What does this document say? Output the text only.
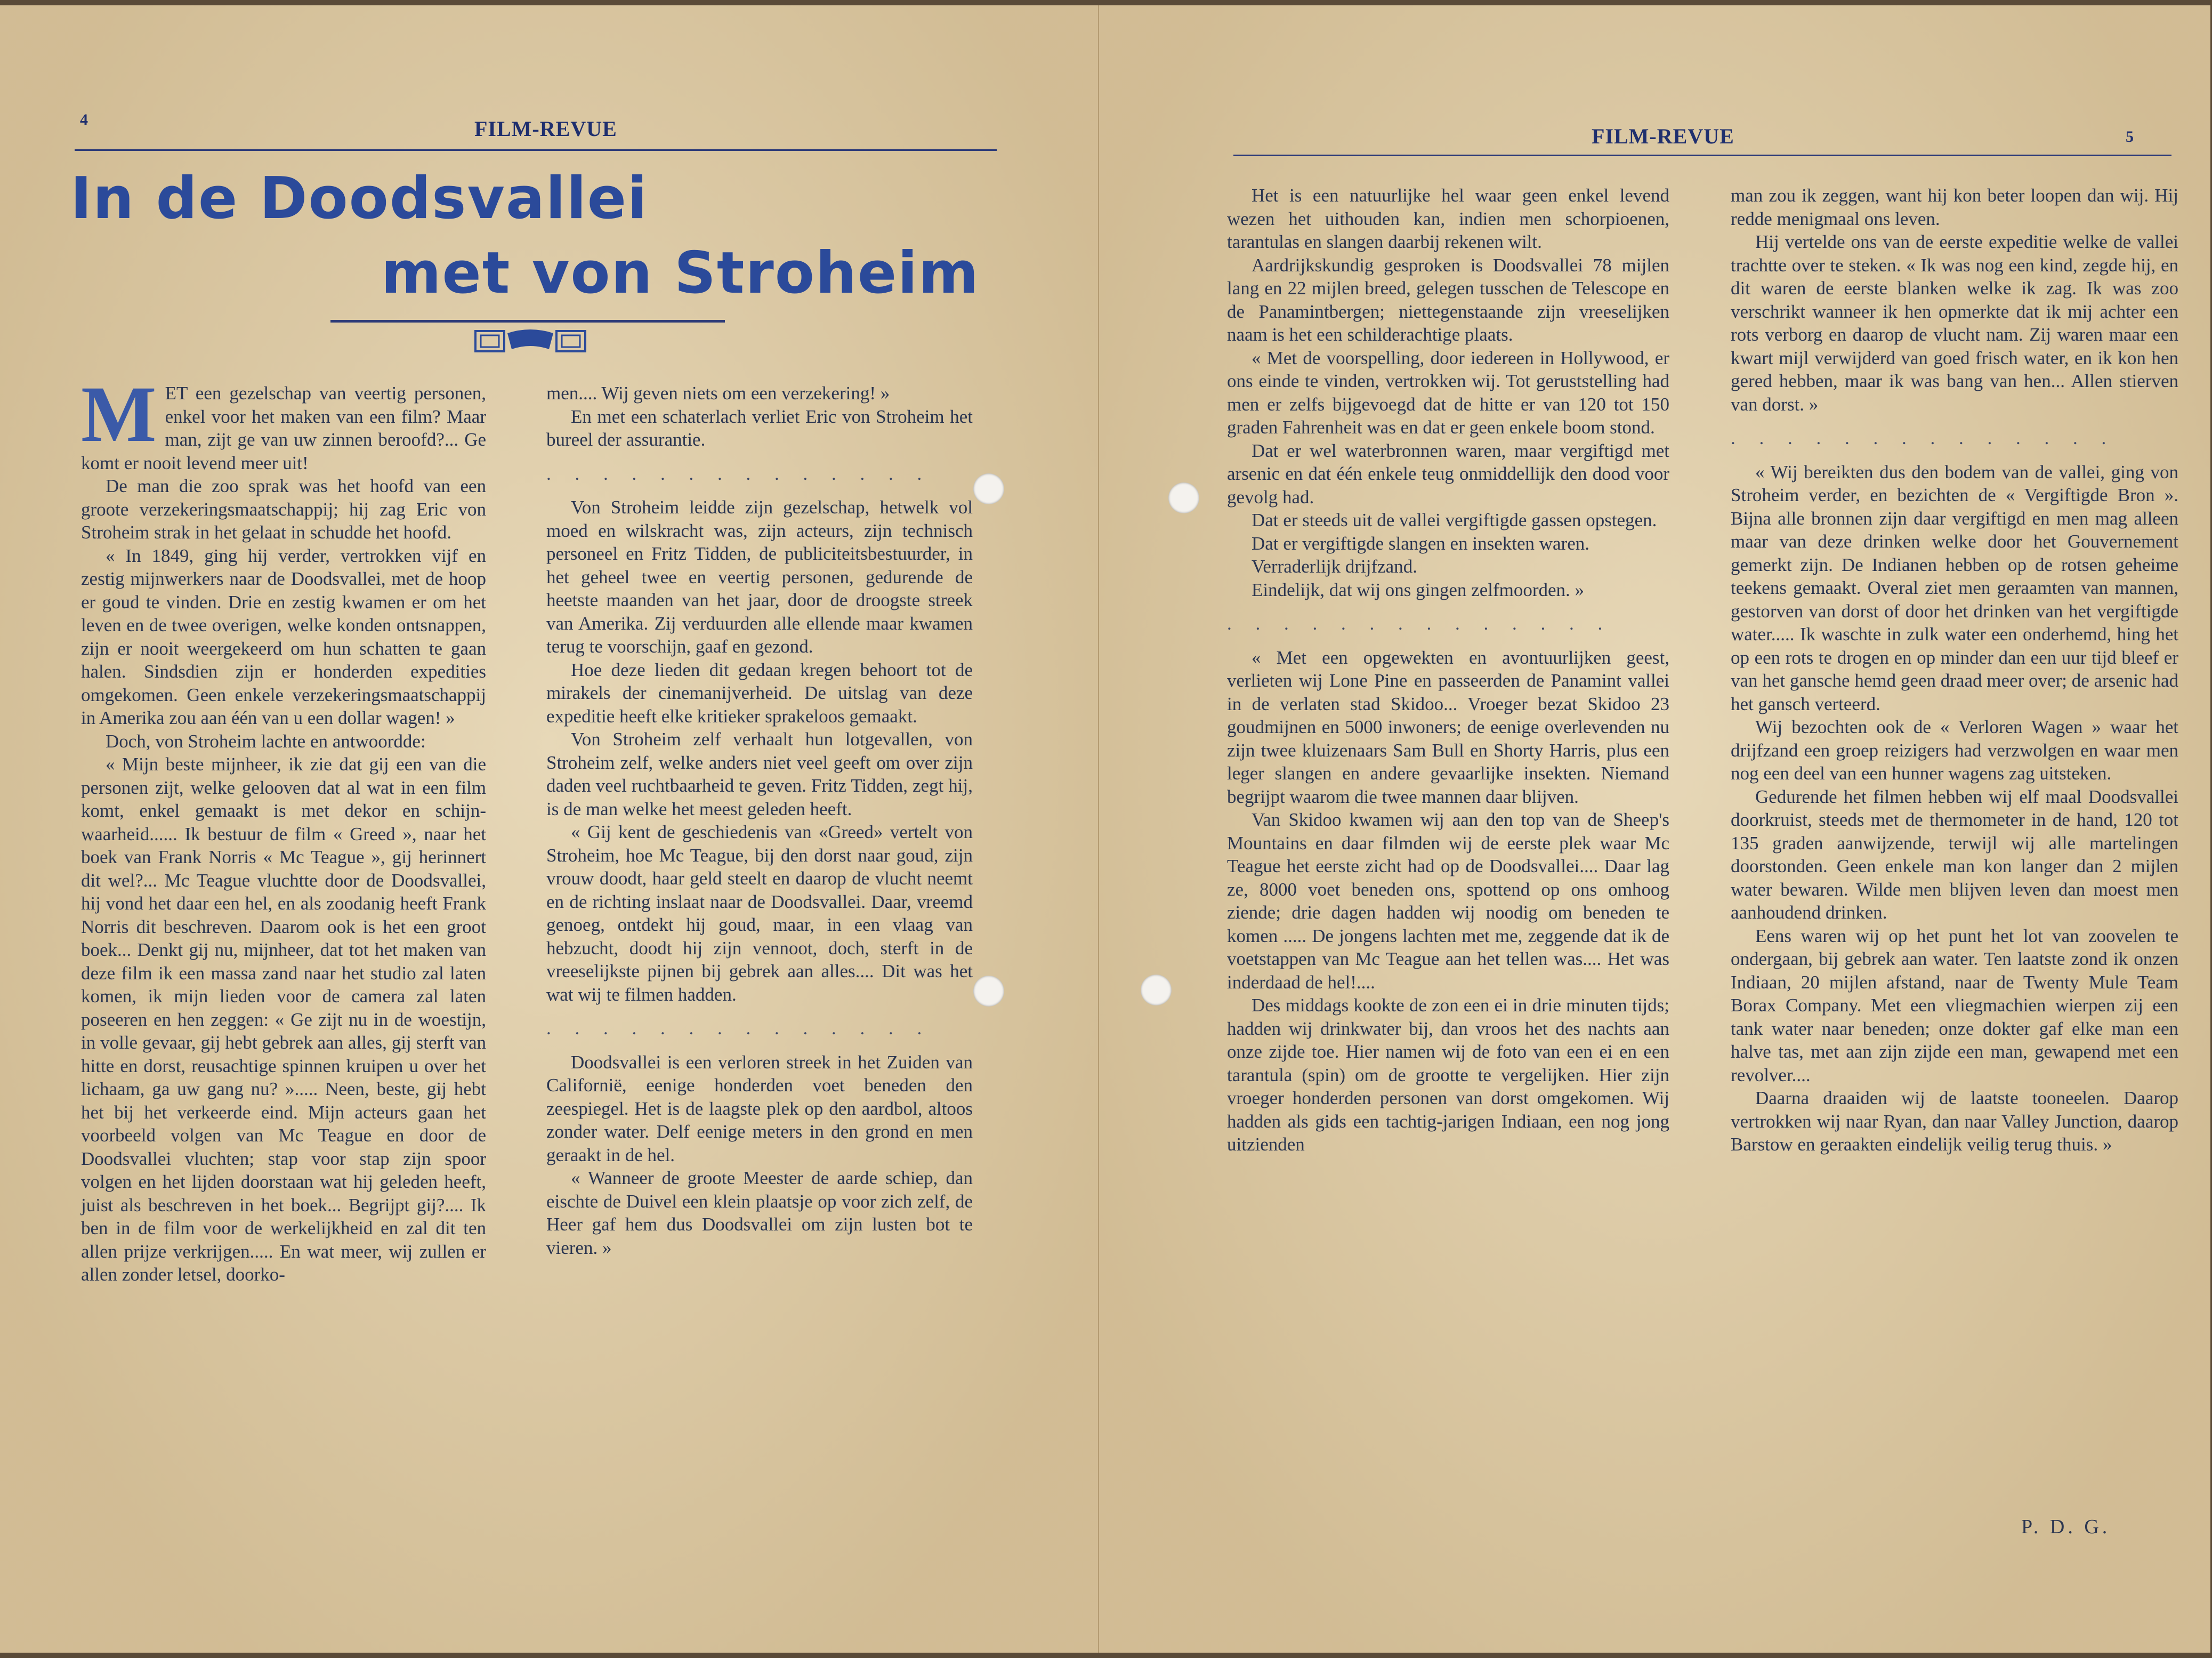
4	FILM-REVUE
In de Doodsvallei
met von Stroheim

MET een gezelschap van veertig personen, enkel voor het maken van een film? Maar man, zijt ge van uw zinnen beroofd?... Ge komt er nooit levend meer uit!

De man die zoo sprak was het hoofd van een groote verzekeringsmaatschappij; hij zag Eric von Stroheim strak in het gelaat in schudde het hoofd.

« In 1849, ging hij verder, vertrokken vijf en zestig mijnwerkers naar de Doodsvallei, met de hoop er goud te vinden. Drie en zestig kwamen er om het leven en de twee overigen, welke konden ontsnappen, zijn er nooit weergekeerd om hun schatten te gaan halen. Sindsdien zijn er honderden expedities omgekomen. Geen enkele verzekeringsmaatschappij in Amerika zou aan één van u een dollar wagen! »

Doch, von Stroheim lachte en antwoordde:

« Mijn beste mijnheer, ik zie dat gij een van die personen zijt, welke gelooven dat al wat in een film komt, enkel gemaakt is met dekor en schijn-waarheid...... Ik bestuur de film « Greed », naar het boek van Frank Norris « Mc Teague », gij herinnert dit wel?... Mc Teague vluchtte door de Doodsvallei, hij vond het daar een hel, en als zoodanig heeft Frank Norris dit beschreven. Daarom ook is het een groot boek... Denkt gij nu, mijnheer, dat tot het maken van deze film ik een massa zand naar het studio zal laten komen, ik mijn lieden voor de camera zal laten poseeren en hen zeggen: « Ge zijt nu in de woestijn, in volle gevaar, gij hebt gebrek aan alles, gij sterft van hitte en dorst, reusachtige spinnen kruipen u over het lichaam, ga uw gang nu? »..... Neen, beste, gij hebt het bij het verkeerde eind. Mijn acteurs gaan het voorbeeld volgen van Mc Teague en door de Doodsvallei vluchten; stap voor stap zijn spoor volgen en het lijden doorstaan wat hij geleden heeft, juist als beschreven in het boek... Begrijpt gij?.... Ik ben in de film voor de werkelijkheid en zal dit ten allen prijze verkrijgen..... En wat meer, wij zullen er allen zonder letsel, doorko-

men.... Wij geven niets om een verzekering! »

En met een schaterlach verliet Eric von Stroheim het bureel der assurantie.

. . . . . . . . . . . . . .

Von Stroheim leidde zijn gezelschap, hetwelk vol moed en wilskracht was, zijn acteurs, zijn technisch personeel en Fritz Tidden, de publiciteitsbestuurder, in het geheel twee en veertig personen, gedurende de heetste maanden van het jaar, door de droogste streek van Amerika. Zij verduurden alle ellende maar kwamen terug te voorschijn, gaaf en gezond.

Hoe deze lieden dit gedaan kregen behoort tot de mirakels der cinemanijverheid. De uitslag van deze expeditie heeft elke kritieker sprakeloos gemaakt.

Von Stroheim zelf verhaalt hun lotgevallen, von Stroheim zelf, welke anders niet veel geeft om over zijn daden veel ruchtbaarheid te geven. Fritz Tidden, zegt hij, is de man welke het meest geleden heeft.

« Gij kent de geschiedenis van «Greed» vertelt von Stroheim, hoe Mc Teague, bij den dorst naar goud, zijn vrouw doodt, haar geld steelt en daarop de vlucht neemt en de richting inslaat naar de Doodsvallei. Daar, vreemd genoeg, ontdekt hij goud, maar, in een vlaag van hebzucht, doodt hij zijn vennoot, doch, sterft in de vreeselijkste pijnen bij gebrek aan alles.... Dit was het wat wij te filmen hadden.

. . . . . . . . . . . . . .

Doodsvallei is een verloren streek in het Zuiden van Californië, eenige honderden voet beneden den zeespiegel. Het is de laagste plek op den aardbol, altoos zonder water. Delf eenige meters in den grond en men geraakt in de hel.

« Wanneer de groote Meester de aarde schiep, dan eischte de Duivel een klein plaatsje op voor zich zelf, de Heer gaf hem dus Doodsvallei om zijn lusten bot te vieren. »

FILM-REVUE	5

Het is een natuurlijke hel waar geen enkel levend wezen het uithouden kan, indien men schorpioenen, tarantulas en slangen daarbij rekenen wilt.

Aardrijkskundig gesproken is Doodsvallei 78 mijlen lang en 22 mijlen breed, gelegen tusschen de Telescope en de Panamintbergen; niettegenstaande zijn vreeselijken naam is het een schilderachtige plaats.

« Met de voorspelling, door iedereen in Hollywood, er ons einde te vinden, vertrokken wij. Tot geruststelling had men er zelfs bijgevoegd dat de hitte er van 120 tot 150 graden Fahrenheit was en dat er geen enkele boom stond.

Dat er wel waterbronnen waren, maar vergiftigd met arsenic en dat één enkele teug onmiddellijk den dood voor gevolg had.

Dat er steeds uit de vallei vergiftigde gassen opstegen.

Dat er vergiftigde slangen en insekten waren.

Verraderlijk drijfzand.

Eindelijk, dat wij ons gingen zelfmoorden. »

. . . . . . . . . . . . . .

« Met een opgewekten en avontuurlijken geest, verlieten wij Lone Pine en passeerden de Panamint vallei in de verlaten stad Skidoo... Vroeger bezat Skidoo 23 goudmijnen en 5000 inwoners; de eenige overlevenden nu zijn twee kluizenaars Sam Bull en Shorty Harris, plus een leger slangen en andere gevaarlijke insekten. Niemand begrijpt waarom die twee mannen daar blijven.

Van Skidoo kwamen wij aan den top van de Sheep's Mountains en daar filmden wij de eerste plek waar Mc Teague het eerste zicht had op de Doodsvallei.... Daar lag ze, 8000 voet beneden ons, spottend op ons omhoog ziende; drie dagen hadden wij noodig om beneden te komen ..... De jongens lachten met me, zeggende dat ik de voetstappen van Mc Teague aan het tellen was.... Het was inderdaad de hel!....

Des middags kookte de zon een ei in drie minuten tijds; hadden wij drinkwater bij, dan vroos het des nachts aan onze zijde toe. Hier namen wij de foto van een ei en een tarantula (spin) om de grootte te vergelijken. Hier zijn vroeger honderden personen van dorst omgekomen. Wij hadden als gids een tachtig-jarigen Indiaan, een nog jong uitzienden

man zou ik zeggen, want hij kon beter loopen dan wij. Hij redde menigmaal ons leven.

Hij vertelde ons van de eerste expeditie welke de vallei trachtte over te steken. « Ik was nog een kind, zegde hij, en dit waren de eerste blanken welke ik zag. Ik was zoo verschrikt wanneer ik hen opmerkte dat ik mij achter een rots verborg en daarop de vlucht nam. Zij waren maar een kwart mijl verwijderd van goed frisch water, en ik kon hen gered hebben, maar ik was bang van hen... Allen stierven van dorst. »

. . . . . . . . . . . . . .

« Wij bereikten dus den bodem van de vallei, ging von Stroheim verder, en bezichten de « Vergiftigde Bron ». Bijna alle bronnen zijn daar vergiftigd en men mag alleen maar van deze drinken welke door het Gouvernement gemerkt zijn. De Indianen hebben op de rotsen geheime teekens gemaakt. Overal ziet men geraamten van mannen, gestorven van dorst of door het drinken van het vergiftigde water..... Ik waschte in zulk water een onderhemd, hing het op een rots te drogen en op minder dan een uur tijd bleef er van het gansche hemd geen draad meer over; de arsenic had het gansch verteerd.

Wij bezochten ook de « Verloren Wagen » waar het drijfzand een groep reizigers had verzwolgen en waar men nog een deel van een hunner wagens zag uitsteken.

Gedurende het filmen hebben wij elf maal Doodsvallei doorkruist, steeds met de thermometer in de hand, 120 tot 135 graden aanwijzende, terwijl wij alle martelingen doorstonden. Geen enkele man kon langer dan 2 mijlen water bewaren. Wilde men blijven leven dan moest men aanhoudend drinken.

Eens waren wij op het punt het lot van zoovelen te ondergaan, bij gebrek aan water. Ten laatste zond ik onzen Indiaan, 20 mijlen afstand, naar de Twenty Mule Team Borax Company. Met een vliegmachien wierpen zij een tank water naar beneden; onze dokter gaf elke man een halve tas, met aan zijn zijde een man, gewapend met een revolver....

Daarna draaiden wij de laatste tooneelen. Daarop vertrokken wij naar Ryan, dan naar Valley Junction, daarop Barstow en geraakten eindelijk veilig terug thuis. »

P. D. G.
